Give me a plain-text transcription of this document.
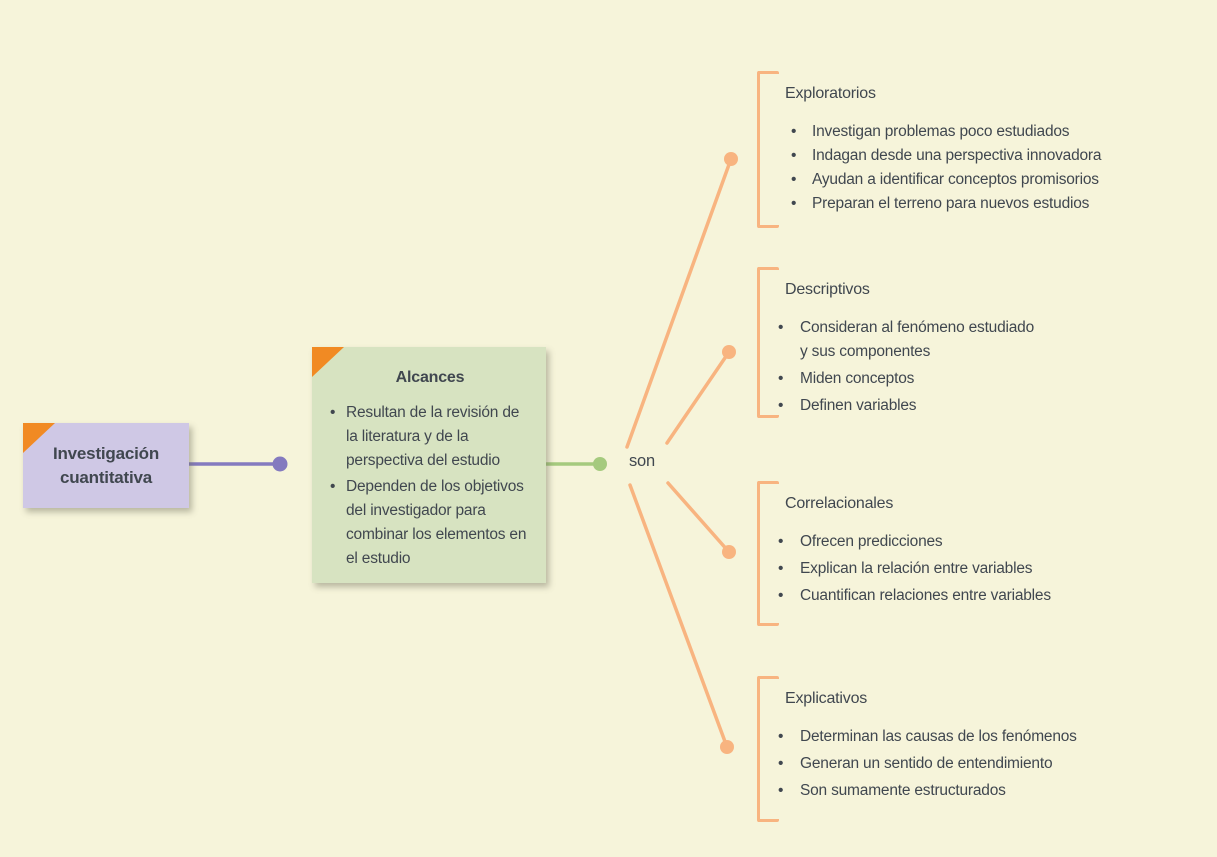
Investigación cuantitativa
Alcances
• Resultan de la revisión de la literatura y de la perspectiva del estudio
• Dependen de los objetivos del investigador para combinar los elementos en el estudio
son
Exploratorios
• Investigan problemas poco estudiados
• Indagan desde una perspectiva innovadora
• Ayudan a identificar conceptos promisorios
• Preparan el terreno para nuevos estudios
Descriptivos
• Consideran al fenómeno estudiado y sus componentes
• Miden conceptos
• Definen variables
Correlacionales
• Ofrecen predicciones
• Explican la relación entre variables
• Cuantifican relaciones entre variables
Explicativos
• Determinan las causas de los fenómenos
• Generan un sentido de entendimiento
• Son sumamente estructurados
